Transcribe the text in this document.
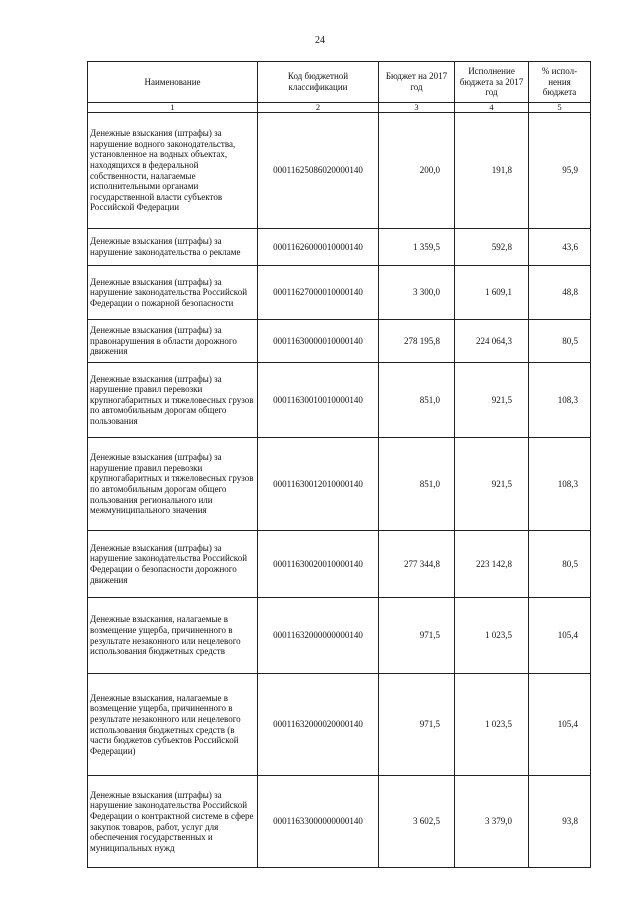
24
Наименование	Код бюджетной классификации	Бюджет на 2017 год	Исполнение бюджета за 2017 год	% испол-нения бюджета
1	2	3	4	5
Денежные взыскания (штрафы) за нарушение водного законодательства, установленное на водных объектах, находящихся в федеральной собственности, налагаемые исполнительными органами государственной власти субъектов Российской Федерации	00011625086020000140	200,0	191,8	95,9
Денежные взыскания (штрафы) за нарушение законодательства о рекламе	00011626000010000140	1 359,5	592,8	43,6
Денежные взыскания (штрафы) за нарушение законодательства Российской Федерации о пожарной безопасности	00011627000010000140	3 300,0	1 609,1	48,8
Денежные взыскания (штрафы) за правонарушения в области дорожного движения	00011630000010000140	278 195,8	224 064,3	80,5
Денежные взыскания (штрафы) за нарушение правил перевозки крупногабаритных и тяжеловесных грузов по автомобильным дорогам общего пользования	00011630010010000140	851,0	921,5	108,3
Денежные взыскания (штрафы) за нарушение правил перевозки крупногабаритных и тяжеловесных грузов по автомобильным дорогам общего пользования регионального или межмуниципального значения	00011630012010000140	851,0	921,5	108,3
Денежные взыскания (штрафы) за нарушение законодательства Российской Федерации о безопасности дорожного движения	00011630020010000140	277 344,8	223 142,8	80,5
Денежные взыскания, налагаемые в возмещение ущерба, причиненного в результате незаконного или нецелевого использования бюджетных средств	00011632000000000140	971,5	1 023,5	105,4
Денежные взыскания, налагаемые в возмещение ущерба, причиненного в результате незаконного или нецелевого использования бюджетных средств (в части бюджетов субъектов Российской Федерации)	00011632000020000140	971,5	1 023,5	105,4
Денежные взыскания (штрафы) за нарушение законодательства Российской Федерации о контрактной системе в сфере закупок товаров, работ, услуг для обеспечения государственных и муниципальных нужд	00011633000000000140	3 602,5	3 379,0	93,8
